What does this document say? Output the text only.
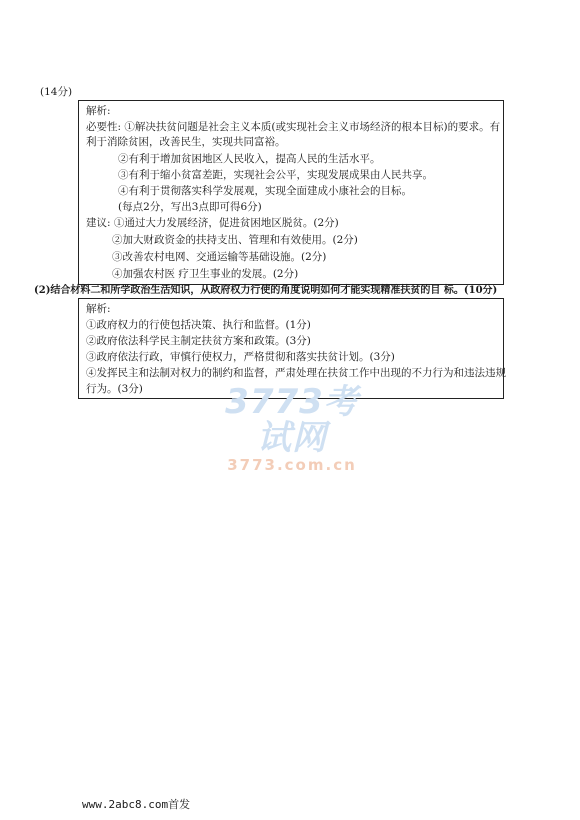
(14分)
解析:
必要性: ①解决扶贫问题是社会主义本质(或实现社会主义市场经济的根本目标)的要求。有
利于消除贫困，改善民生，实现共同富裕。
②有利于增加贫困地区人民收入，提高人民的生活水平。
③有利于缩小贫富差距，实现社会公平，实现发展成果由人民共享。
④有利于贯彻落实科学发展观，实现全面建成小康社会的目标。
(每点2分，写出3点即可得6分)
建议: ①通过大力发展经济，促进贫困地区脱贫。(2分)
②加大财政资金的扶持支出、管理和有效使用。(2分)
③改善农村电网、交通运输等基础设施。(2分)
④加强农村医 疗卫生事业的发展。(2分)
(2)结合材料二和所学政治生活知识，从政府权力行使的角度说明如何才能实现精准扶贫的目 标。(10分)
解析:
①政府权力的行使包括决策、执行和监督。(1分)
②政府依法科学民主制定扶贫方案和政策。(3分)
③政府依法行政，审慎行使权力，严格贯彻和落实扶贫计划。(3分)
④发挥民主和法制对权力的制约和监督，严肃处理在扶贫工作中出现的不力行为和违法违规
行为。(3分)	3773考试网
3773.com.cn
www.2abc8.com首发
